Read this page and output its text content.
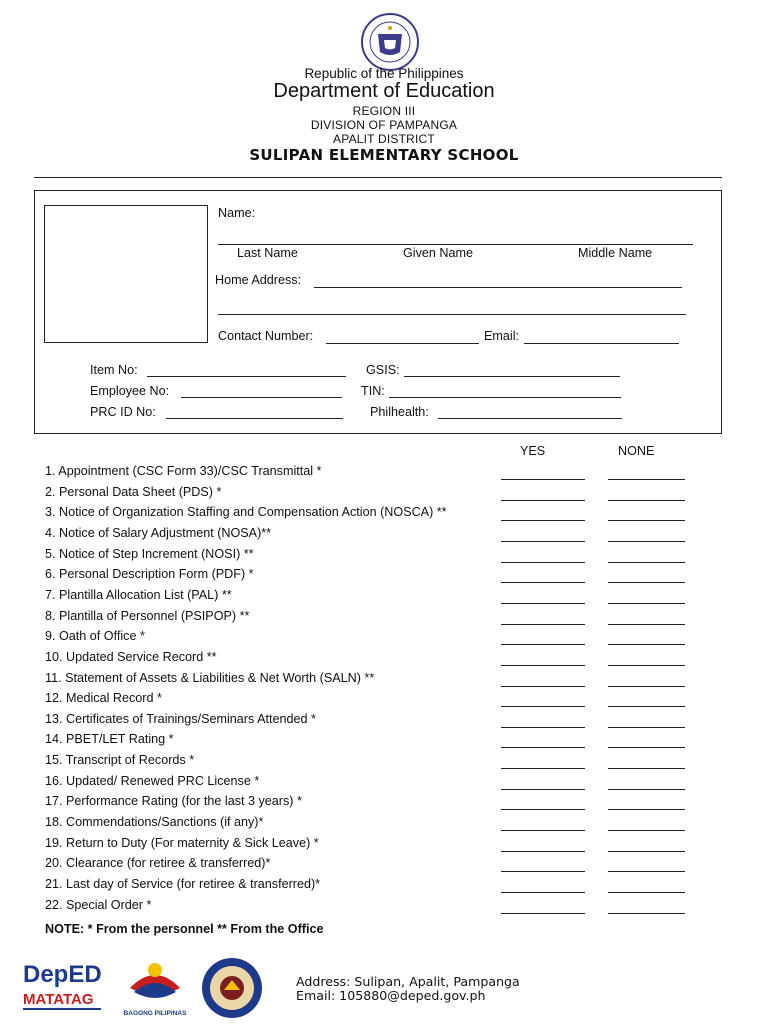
Republic of the Philippines
Department of Education
REGION III
DIVISION OF PAMPANGA
APALIT DISTRICT
SULIPAN ELEMENTARY SCHOOL
Name:
Last Name	Given Name	Middle Name
Home Address:
Contact Number:	Email:
Item No:	GSIS:
Employee No:	TIN:
PRC ID No:	Philhealth:
YES	NONE
1. Appointment (CSC Form 33)/CSC Transmittal *
2. Personal Data Sheet (PDS) *
3. Notice of Organization Staffing and Compensation Action (NOSCA) **
4. Notice of Salary Adjustment (NOSA)**
5. Notice of Step Increment (NOSI) **
6. Personal Description Form (PDF) *
7. Plantilla Allocation List (PAL) **
8. Plantilla of Personnel (PSIPOP) **
9. Oath of Office *
10. Updated Service Record **
11. Statement of Assets & Liabilities & Net Worth (SALN) **
12. Medical Record *
13. Certificates of Trainings/Seminars Attended *
14. PBET/LET Rating *
15. Transcript of Records *
16. Updated/ Renewed PRC License *
17. Performance Rating (for the last 3 years) *
18. Commendations/Sanctions (if any)*
19. Return to Duty (For maternity & Sick Leave) *
20. Clearance (for retiree & transferred)*
21. Last day of Service (for retiree & transferred)*
22. Special Order *
NOTE: * From the personnel ** From the Office
DepED
MATATAG
BAGONG PILIPINAS
Address: Sulipan, Apalit, Pampanga
Email: 105880@deped.gov.ph
